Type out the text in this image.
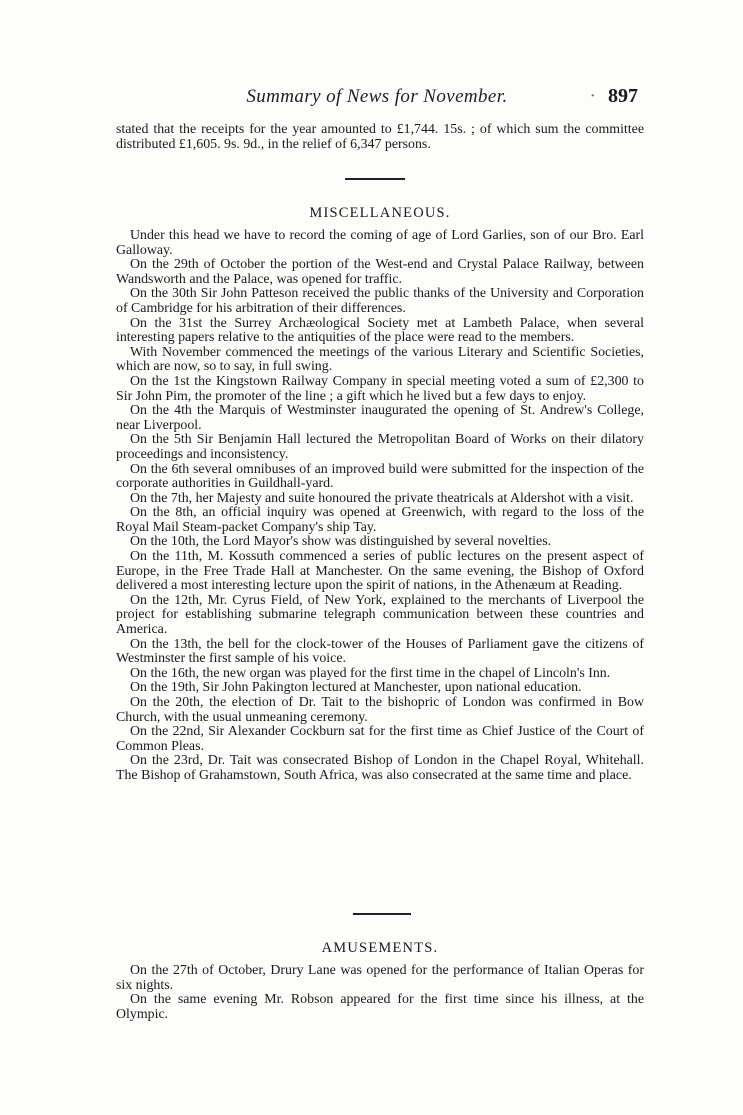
Summary of News for November.
·	897

stated that the receipts for the year amounted to £1,744. 15s. ; of which sum the committee distributed £1,605. 9s. 9d., in the relief of 6,347 persons.

MISCELLANEOUS.

Under this head we have to record the coming of age of Lord Garlies, son of our Bro. Earl Galloway.

On the 29th of October the portion of the West-end and Crystal Palace Railway, between Wandsworth and the Palace, was opened for traffic.

On the 30th Sir John Patteson received the public thanks of the University and Corporation of Cambridge for his arbitration of their differences.

On the 31st the Surrey Archæological Society met at Lambeth Palace, when several interesting papers relative to the antiquities of the place were read to the members.

With November commenced the meetings of the various Literary and Scientific Societies, which are now, so to say, in full swing.

On the 1st the Kingstown Railway Company in special meeting voted a sum of £2,300 to Sir John Pim, the promoter of the line ; a gift which he lived but a few days to enjoy.

On the 4th the Marquis of Westminster inaugurated the opening of St. Andrew's College, near Liverpool.

On the 5th Sir Benjamin Hall lectured the Metropolitan Board of Works on their dilatory proceedings and inconsistency.

On the 6th several omnibuses of an improved build were submitted for the inspection of the corporate authorities in Guildhall-yard.

On the 7th, her Majesty and suite honoured the private theatricals at Aldershot with a visit.

On the 8th, an official inquiry was opened at Greenwich, with regard to the loss of the Royal Mail Steam-packet Company's ship Tay.

On the 10th, the Lord Mayor's show was distinguished by several novelties.

On the 11th, M. Kossuth commenced a series of public lectures on the present aspect of Europe, in the Free Trade Hall at Manchester. On the same evening, the Bishop of Oxford delivered a most interesting lecture upon the spirit of nations, in the Athenæum at Reading.

On the 12th, Mr. Cyrus Field, of New York, explained to the merchants of Liverpool the project for establishing submarine telegraph communication between these countries and America.

On the 13th, the bell for the clock-tower of the Houses of Parliament gave the citizens of Westminster the first sample of his voice.

On the 16th, the new organ was played for the first time in the chapel of Lincoln's Inn.

On the 19th, Sir John Pakington lectured at Manchester, upon national education.

On the 20th, the election of Dr. Tait to the bishopric of London was confirmed in Bow Church, with the usual unmeaning ceremony.

On the 22nd, Sir Alexander Cockburn sat for the first time as Chief Justice of the Court of Common Pleas.

On the 23rd, Dr. Tait was consecrated Bishop of London in the Chapel Royal, Whitehall. The Bishop of Grahamstown, South Africa, was also consecrated at the same time and place.

AMUSEMENTS.

On the 27th of October, Drury Lane was opened for the performance of Italian Operas for six nights.

On the same evening Mr. Robson appeared for the first time since his illness, at the Olympic.
